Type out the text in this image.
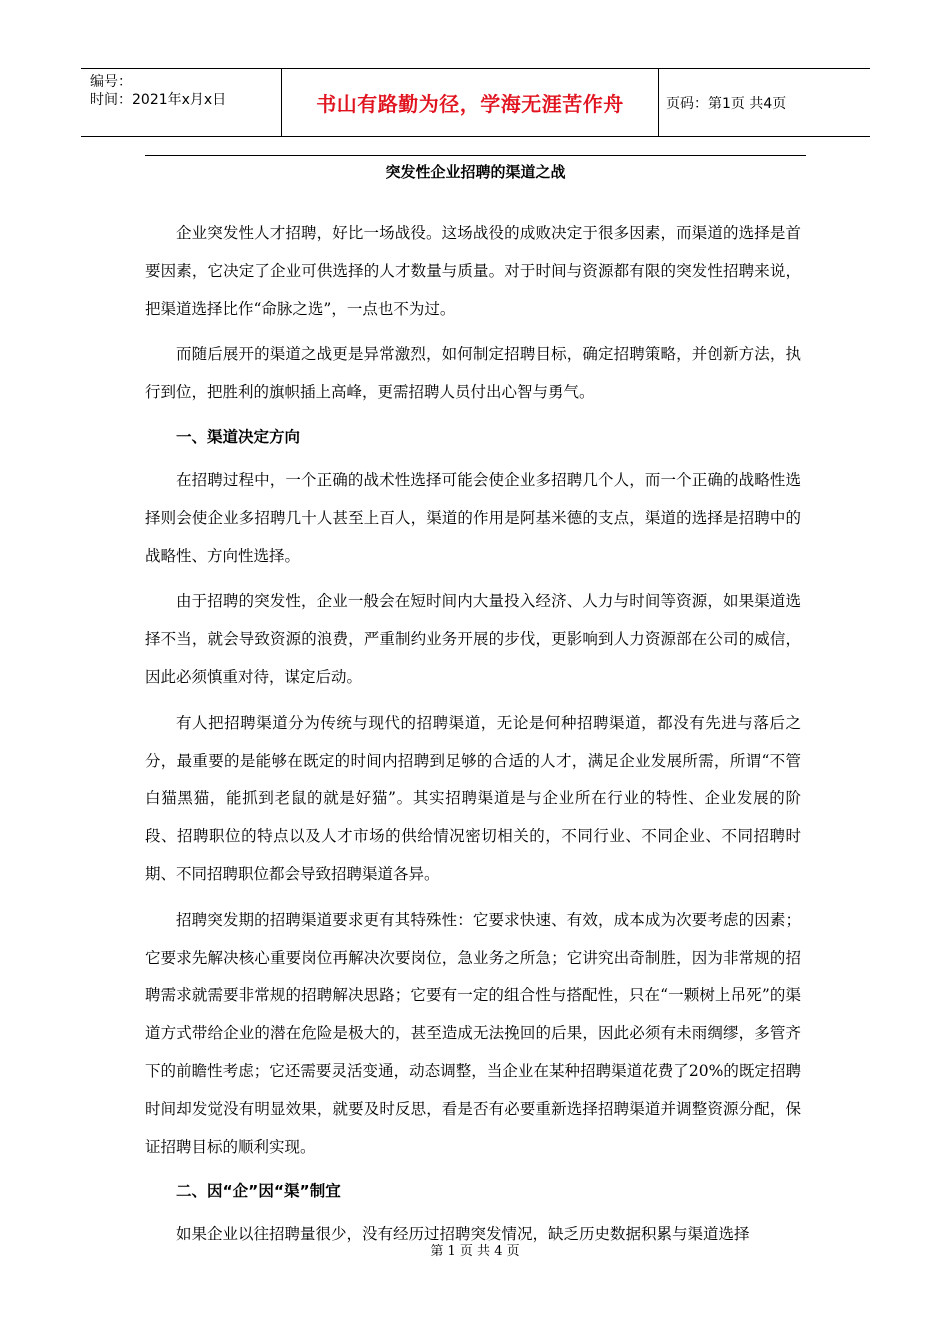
编号：
时间：2021年x月x日	书山有路勤为径，学海无涯苦作舟	页码：第1页 共4页
突发性企业招聘的渠道之战

企业突发性人才招聘，好比一场战役。这场战役的成败决定于很多因素，而渠道的选择是首要因素，它决定了企业可供选择的人才数量与质量。对于时间与资源都有限的突发性招聘来说，把渠道选择比作“命脉之选”，一点也不为过。

而随后展开的渠道之战更是异常激烈，如何制定招聘目标，确定招聘策略，并创新方法，执行到位，把胜利的旗帜插上高峰，更需招聘人员付出心智与勇气。

一、渠道决定方向

在招聘过程中，一个正确的战术性选择可能会使企业多招聘几个人，而一个正确的战略性选择则会使企业多招聘几十人甚至上百人，渠道的作用是阿基米德的支点，渠道的选择是招聘中的战略性、方向性选择。

由于招聘的突发性，企业一般会在短时间内大量投入经济、人力与时间等资源，如果渠道选择不当，就会导致资源的浪费，严重制约业务开展的步伐，更影响到人力资源部在公司的威信，因此必须慎重对待，谋定后动。

有人把招聘渠道分为传统与现代的招聘渠道，无论是何种招聘渠道，都没有先进与落后之分，最重要的是能够在既定的时间内招聘到足够的合适的人才，满足企业发展所需，所谓“不管白猫黑猫，能抓到老鼠的就是好猫”。其实招聘渠道是与企业所在行业的特性、企业发展的阶段、招聘职位的特点以及人才市场的供给情况密切相关的，不同行业、不同企业、不同招聘时期、不同招聘职位都会导致招聘渠道各异。

招聘突发期的招聘渠道要求更有其特殊性：它要求快速、有效，成本成为次要考虑的因素；它要求先解决核心重要岗位再解决次要岗位，急业务之所急；它讲究出奇制胜，因为非常规的招聘需求就需要非常规的招聘解决思路；它要有一定的组合性与搭配性，只在“一颗树上吊死”的渠道方式带给企业的潜在危险是极大的，甚至造成无法挽回的后果，因此必须有未雨绸缪，多管齐下的前瞻性考虑；它还需要灵活变通，动态调整，当企业在某种招聘渠道花费了20%的既定招聘时间却发觉没有明显效果，就要及时反思，看是否有必要重新选择招聘渠道并调整资源分配，保证招聘目标的顺利实现。

二、因“企”因“渠”制宜

如果企业以往招聘量很少，没有经历过招聘突发情况，缺乏历史数据积累与渠道选择

第 1 页 共 4 页
